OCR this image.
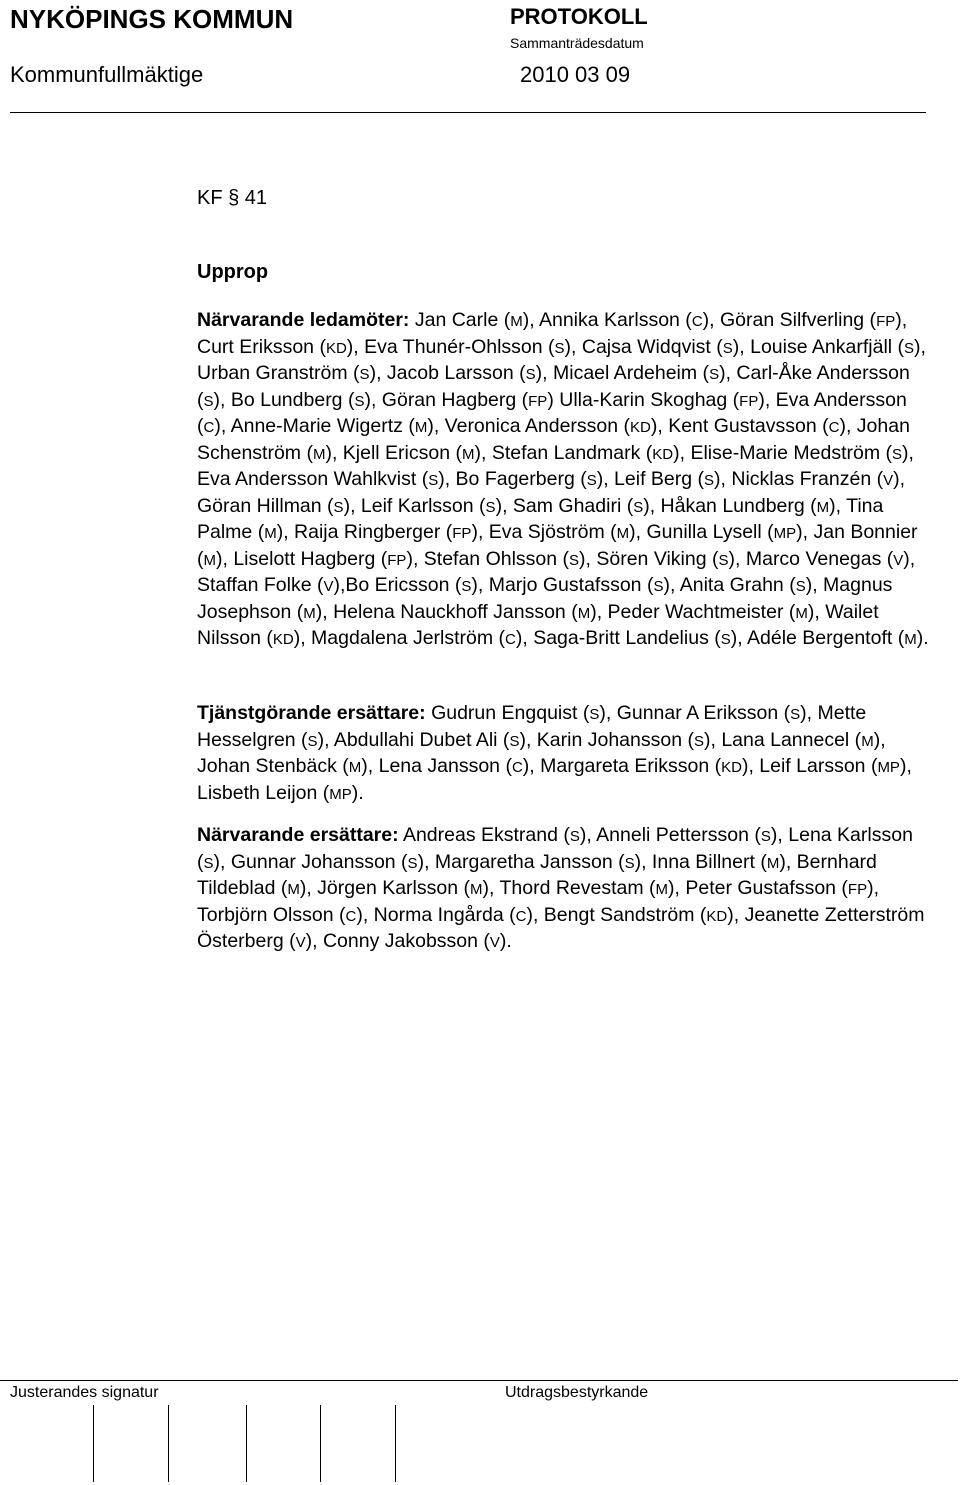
NYKÖPINGS KOMMUN	PROTOKOLL
Sammanträdesdatum
Kommunfullmäktige	2010 03 09
KF § 41
Upprop
Närvarande ledamöter: Jan Carle (M), Annika Karlsson (C), Göran Silfverling (FP), Curt Eriksson (KD), Eva Thunér-Ohlsson (S), Cajsa Widqvist (S), Louise Ankarfjäll (S), Urban Granström (S), Jacob Larsson (S), Micael Ardeheim (S), Carl-Åke Andersson (S), Bo Lundberg (S), Göran Hagberg (FP) Ulla-Karin Skoghag (FP), Eva Andersson (C), Anne-Marie Wigertz (M), Veronica Andersson (KD), Kent Gustavsson (C), Johan Schenström (M), Kjell Ericson (M), Stefan Landmark (KD), Elise-Marie Medström (S), Eva Andersson Wahlkvist (S), Bo Fagerberg (S), Leif Berg (S), Nicklas Franzén (V), Göran Hillman (S), Leif Karlsson (S), Sam Ghadiri (S), Håkan Lundberg (M), Tina Palme (M), Raija Ringberger (FP), Eva Sjöström (M), Gunilla Lysell (MP), Jan Bonnier (M), Liselott Hagberg (FP), Stefan Ohlsson (S), Sören Viking (S), Marco Venegas (V), Staffan Folke (V),Bo Ericsson (S), Marjo Gustafsson (S), Anita Grahn (S), Magnus Josephson (M), Helena Nauckhoff Jansson (M), Peder Wachtmeister (M), Wailet Nilsson (KD), Magdalena Jerlström (C), Saga-Britt Landelius (S), Adéle Bergentoft (M).
Tjänstgörande ersättare: Gudrun Engquist (S), Gunnar A Eriksson (S), Mette Hesselgren (S), Abdullahi Dubet Ali (S), Karin Johansson (S), Lana Lannecel (M), Johan Stenbäck (M), Lena Jansson (C), Margareta Eriksson (KD), Leif Larsson (MP), Lisbeth Leijon (MP).
Närvarande ersättare: Andreas Ekstrand (S), Anneli Pettersson (S), Lena Karlsson (S), Gunnar Johansson (S), Margaretha Jansson (S), Inna Billnert (M), Bernhard Tildeblad (M), Jörgen Karlsson (M), Thord Revestam (M), Peter Gustafsson (FP), Torbjörn Olsson (C), Norma Ingårda (C), Bengt Sandström (KD), Jeanette Zetterström Österberg (V), Conny Jakobsson (V).
Justerandes signatur	Utdragsbestyrkande
